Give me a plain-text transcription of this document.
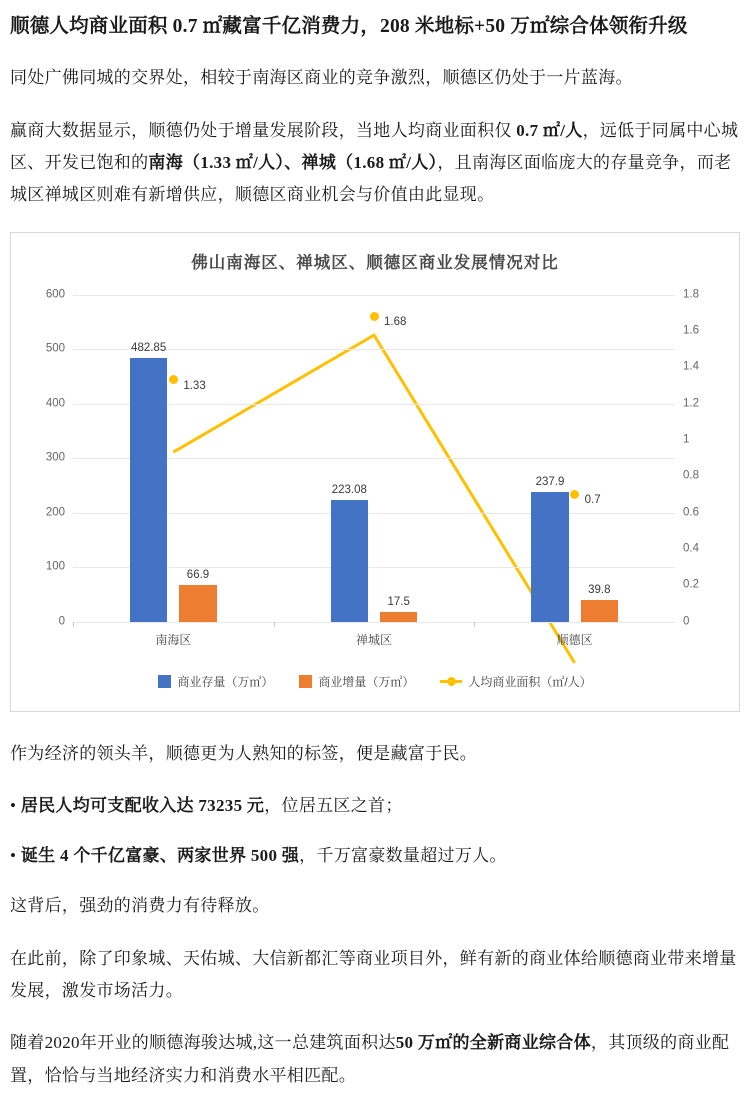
顺德人均商业面积 0.7 ㎡藏富千亿消费力，208 米地标+50 万㎡综合体领衔升级

同处广佛同城的交界处，相较于南海区商业的竞争激烈，顺德区仍处于一片蓝海。

赢商大数据显示，顺德仍处于增量发展阶段，当地人均商业面积仅 0.7 ㎡/人，远低于同属中心城区、开发已饱和的南海（1.33 ㎡/人）、禅城（1.68 ㎡/人），且南海区面临庞大的存量竞争，而老城区禅城区则难有新增供应，顺德区商业机会与价值由此显现。

佛山南海区、禅城区、顺德区商业发展情况对比
0
100
200
300
400
500
600
0
0.2
0.4
0.6
0.8
1
1.2
1.4
1.6
1.8
南海区
482.85
66.9
禅城区
223.08
17.5
顺德区
237.9
39.8
1.33
1.68
0.7
商业存量（万㎡）	商业增量（万㎡）	人均商业面积（㎡/人）

作为经济的领头羊，顺德更为人熟知的标签，便是藏富于民。

• 居民人均可支配收入达 73235 元，位居五区之首；
• 诞生 4 个千亿富豪、两家世界 500 强，千万富豪数量超过万人。

这背后，强劲的消费力有待释放。

在此前，除了印象城、天佑城、大信新都汇等商业项目外，鲜有新的商业体给顺德商业带来增量发展，激发市场活力。

随着2020年开业的顺德海骏达城,这一总建筑面积达50 万㎡的全新商业综合体，其顶级的商业配置，恰恰与当地经济实力和消费水平相匹配。
